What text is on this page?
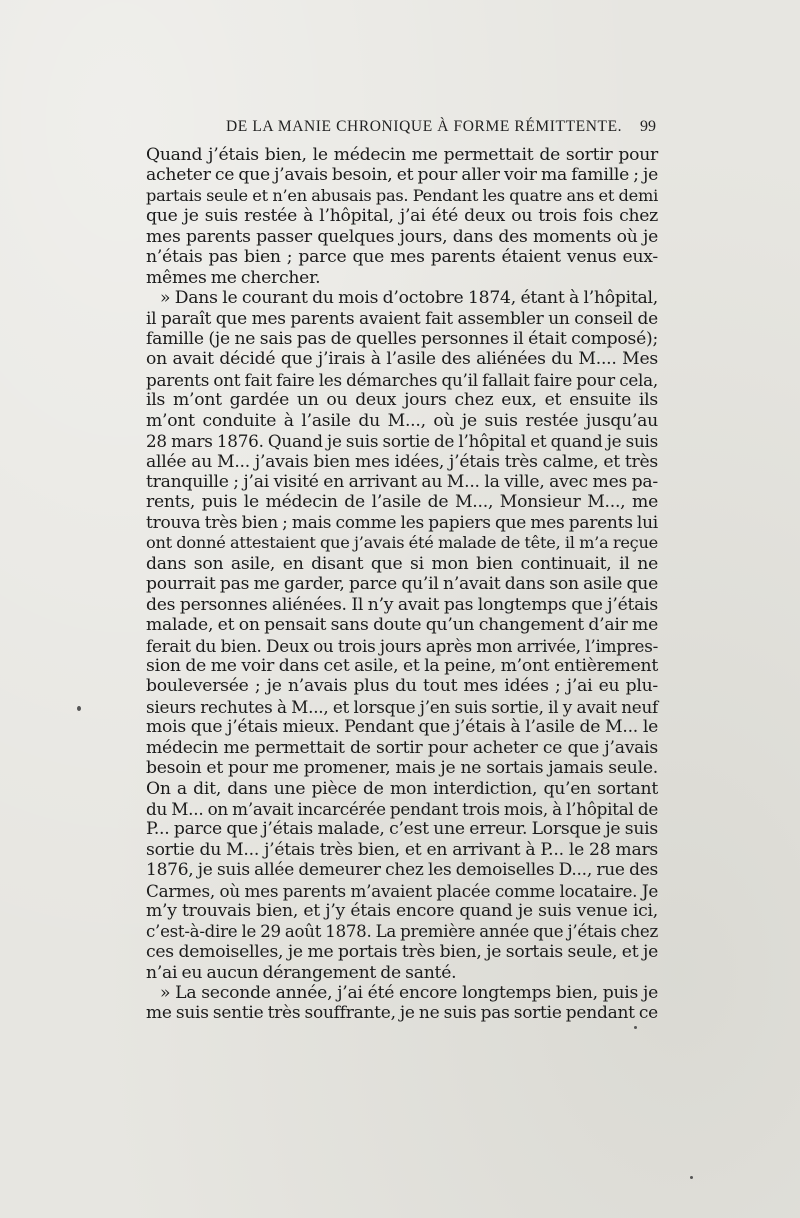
DE LA MANIE CHRONIQUE À FORME RÉMITTENTE. 99
Quand j’étais bien, le médecin me permettait de sortir pour
acheter ce que j’avais besoin, et pour aller voir ma famille ; je
partais seule et n’en abusais pas. Pendant les quatre ans et demi
que je suis restée à l’hôpital, j’ai été deux ou trois fois chez
mes parents passer quelques jours, dans des moments où je
n’étais pas bien ; parce que mes parents étaient venus eux-
mêmes me chercher.
» Dans le courant du mois d’octobre 1874, étant à l’hôpital,
il paraît que mes parents avaient fait assembler un conseil de
famille (je ne sais pas de quelles personnes il était composé);
on avait décidé que j’irais à l’asile des aliénées du M.... Mes
parents ont fait faire les démarches qu’il fallait faire pour cela,
ils m’ont gardée un ou deux jours chez eux, et ensuite ils
m’ont conduite à l’asile du M..., où je suis restée jusqu’au
28 mars 1876. Quand je suis sortie de l’hôpital et quand je suis
allée au M... j’avais bien mes idées, j’étais très calme, et très
tranquille ; j’ai visité en arrivant au M... la ville, avec mes pa-
rents, puis le médecin de l’asile de M..., Monsieur M..., me
trouva très bien ; mais comme les papiers que mes parents lui
ont donné attestaient que j’avais été malade de tête, il m’a reçue
dans son asile, en disant que si mon bien continuait, il ne
pourrait pas me garder, parce qu’il n’avait dans son asile que
des personnes aliénées. Il n’y avait pas longtemps que j’étais
malade, et on pensait sans doute qu’un changement d’air me
ferait du bien. Deux ou trois jours après mon arrivée, l’impres-
sion de me voir dans cet asile, et la peine, m’ont entièrement
bouleversée ; je n’avais plus du tout mes idées ; j’ai eu plu-
sieurs rechutes à M..., et lorsque j’en suis sortie, il y avait neuf
mois que j’étais mieux. Pendant que j’étais à l’asile de M... le
médecin me permettait de sortir pour acheter ce que j’avais
besoin et pour me promener, mais je ne sortais jamais seule.
On a dit, dans une pièce de mon interdiction, qu’en sortant
du M... on m’avait incarcérée pendant trois mois, à l’hôpital de
P... parce que j’étais malade, c’est une erreur. Lorsque je suis
sortie du M... j’étais très bien, et en arrivant à P... le 28 mars
1876, je suis allée demeurer chez les demoiselles D..., rue des
Carmes, où mes parents m’avaient placée comme locataire. Je
m’y trouvais bien, et j’y étais encore quand je suis venue ici,
c’est-à-dire le 29 août 1878. La première année que j’étais chez
ces demoiselles, je me portais très bien, je sortais seule, et je
n’ai eu aucun dérangement de santé.
» La seconde année, j’ai été encore longtemps bien, puis je
me suis sentie très souffrante, je ne suis pas sortie pendant ce
